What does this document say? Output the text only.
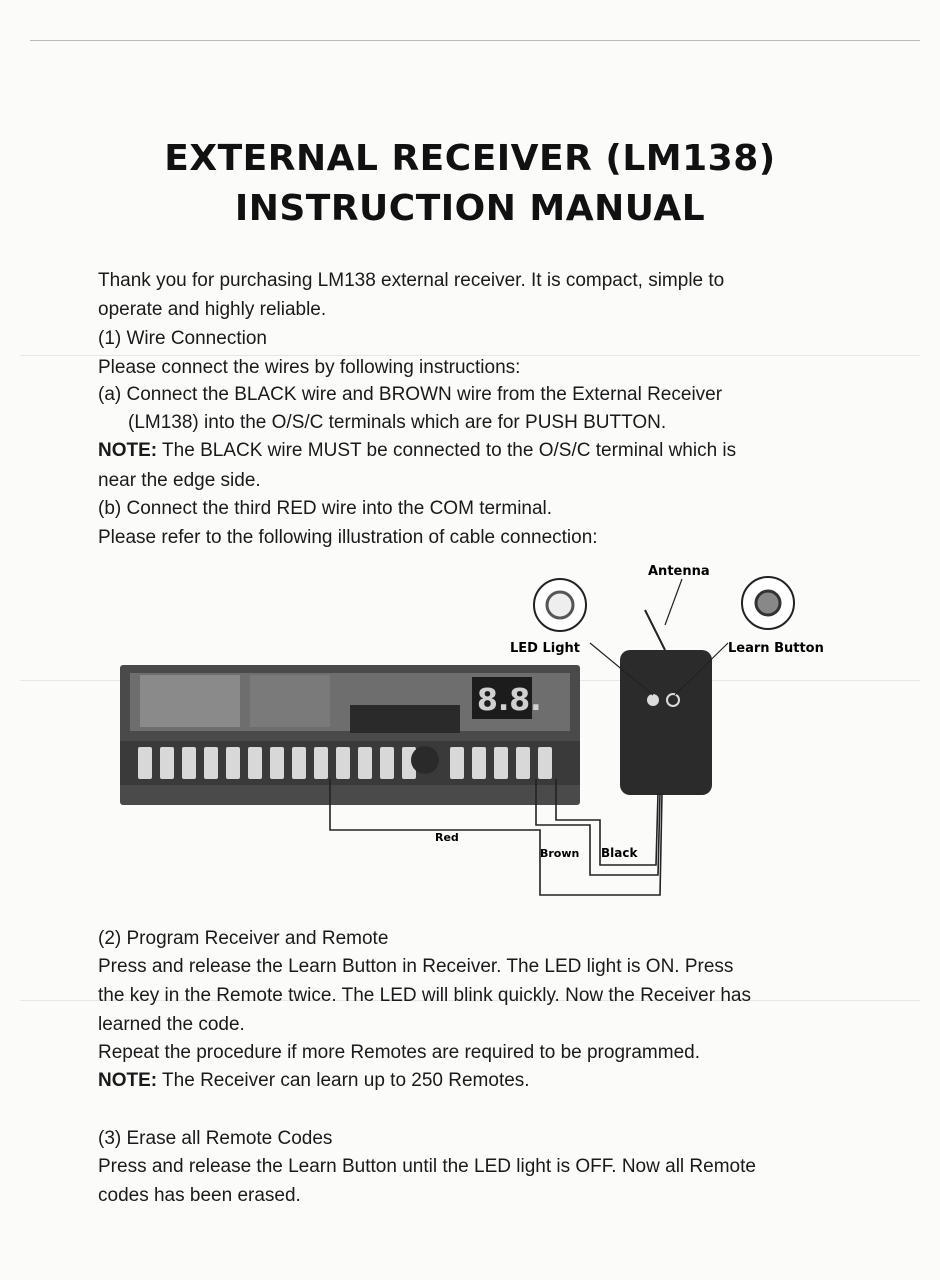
EXTERNAL RECEIVER (LM138)
INSTRUCTION MANUAL
Thank you for purchasing LM138 external receiver. It is compact, simple to
operate and highly reliable.
(1) Wire Connection
Please connect the wires by following instructions:
(a) Connect the BLACK wire and BROWN wire from the External Receiver
(LM138) into the O/S/C terminals which are for PUSH BUTTON.
NOTE: The BLACK wire MUST be connected to the O/S/C terminal which is
near the edge side.
(b) Connect the third RED wire into the COM terminal.
Please refer to the following illustration of cable connection:
8.8.
Antenna
LED Light	Learn Button
Red
Brown Black
(2) Program Receiver and Remote
Press and release the Learn Button in Receiver. The LED light is ON. Press
the key in the Remote twice. The LED will blink quickly. Now the Receiver has
learned the code.
Repeat the procedure if more Remotes are required to be programmed.
NOTE: The Receiver can learn up to 250 Remotes.
(3) Erase all Remote Codes
Press and release the Learn Button until the LED light is OFF. Now all Remote
codes has been erased.
